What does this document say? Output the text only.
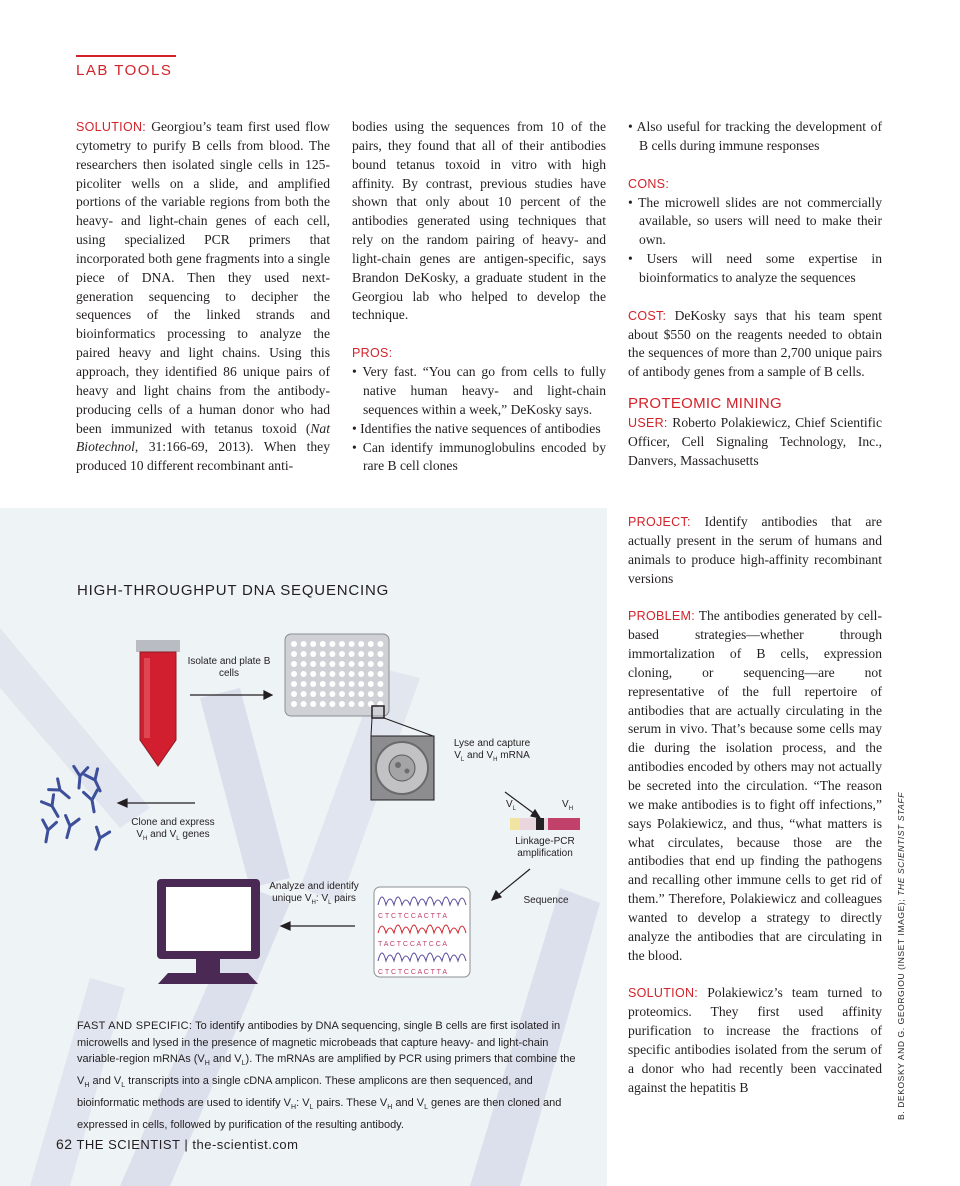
LAB TOOLS

SOLUTION: Georgiou’s team first used flow cytometry to purify B cells from blood. The researchers then isolated single cells in 125-picoliter wells on a slide, and amplified portions of the variable regions from both the heavy- and light-chain genes of each cell, using specialized PCR primers that incorporated both gene fragments into a single piece of DNA. Then they used next-generation sequencing to decipher the sequences of the linked strands and bioinformatics processing to analyze the paired heavy and light chains. Using this approach, they identified 86 unique pairs of heavy and light chains from the antibody-producing cells of a human donor who had been immunized with tetanus toxoid (Nat Biotechnol, 31:166-69, 2013). When they produced 10 different recombinant anti-

bodies using the sequences from 10 of the pairs, they found that all of their antibodies bound tetanus toxoid in vitro with high affinity. By contrast, previous studies have shown that only about 10 percent of the antibodies generated using techniques that rely on the random pairing of heavy- and light-chain genes are antigen-specific, says Brandon DeKosky, a graduate student in the Georgiou lab who helped to develop the technique.

PROS:

• Very fast. “You can go from cells to fully native human heavy- and light-chain sequences within a week,” DeKosky says.

• Identifies the native sequences of antibodies

• Can identify immunoglobulins encoded by rare B cell clones

• Also useful for tracking the development of B cells during immune responses

CONS:

• The microwell slides are not commercially available, so users will need to make their own.

• Users will need some expertise in bioinformatics to analyze the sequences

COST: DeKosky says that his team spent about $550 on the reagents needed to obtain the sequences of more than 2,700 unique pairs of antibody genes from a sample of B cells.

PROTEOMIC MINING

USER: Roberto Polakiewicz, Chief Scientific Officer, Cell Signaling Technology, Inc., Danvers, Massachusetts

PROJECT: Identify antibodies that are actually present in the serum of humans and animals to produce high-affinity recombinant versions

PROBLEM: The antibodies generated by cell-based strategies—whether through immortalization of B cells, expression cloning, or sequencing—are not representative of the full repertoire of antibodies that are actually circulating in the serum in vivo. That’s because some cells may die during the isolation process, and the antibodies encoded by others may not actually be secreted into the circulation. “The reason we make antibodies is to fight off infections,” says Polakiewicz, and thus, “what matters is what circulates, because those are the antibodies that end up finding the pathogens and recalling other immune cells to get rid of them.” Therefore, Polakiewicz and colleagues wanted to develop a strategy to directly analyze the antibodies that are circulating in the blood.

SOLUTION: Polakiewicz’s team turned to proteomics. They first used affinity purification to increase the fractions of specific antibodies isolated from the serum of a donor who had recently been vaccinated against the hepatitis B

C T C T C C A C T T A
T A C T C C A T C C A
C T C T C C A C T T A
HIGH-THROUGHPUT DNA SEQUENCING
Isolate and plate B cells
Lyse and capture
$V_L$ and $V_H$ mRNA
$V_L$	$V_H$
Clone and express
$V_H$ and $V_L$ genes
Linkage-PCR amplification
Analyze and identify
unique $V_H$: $V_L$ pairs	Sequence

FAST AND SPECIFIC: To identify antibodies by DNA sequencing, single B cells are first isolated in microwells and lysed in the presence of magnetic microbeads that capture heavy- and light-chain variable-region mRNAs ($V_H$ and $V_L$). The mRNAs are amplified by PCR using primers that combine the $V_H$ and $V_L$ transcripts into a single cDNA amplicon. These amplicons are then sequenced, and bioinformatic methods are used to identify $V_H$: $V_L$ pairs. These $V_H$ and $V_L$ genes are then cloned and expressed in cells, followed by purification of the resulting antibody.

62 THE SCIENTIST | the-scientist.com
B. DEKOSKY AND G. GEORGIOU (INSET IMAGE); THE SCIENTIST STAFF
